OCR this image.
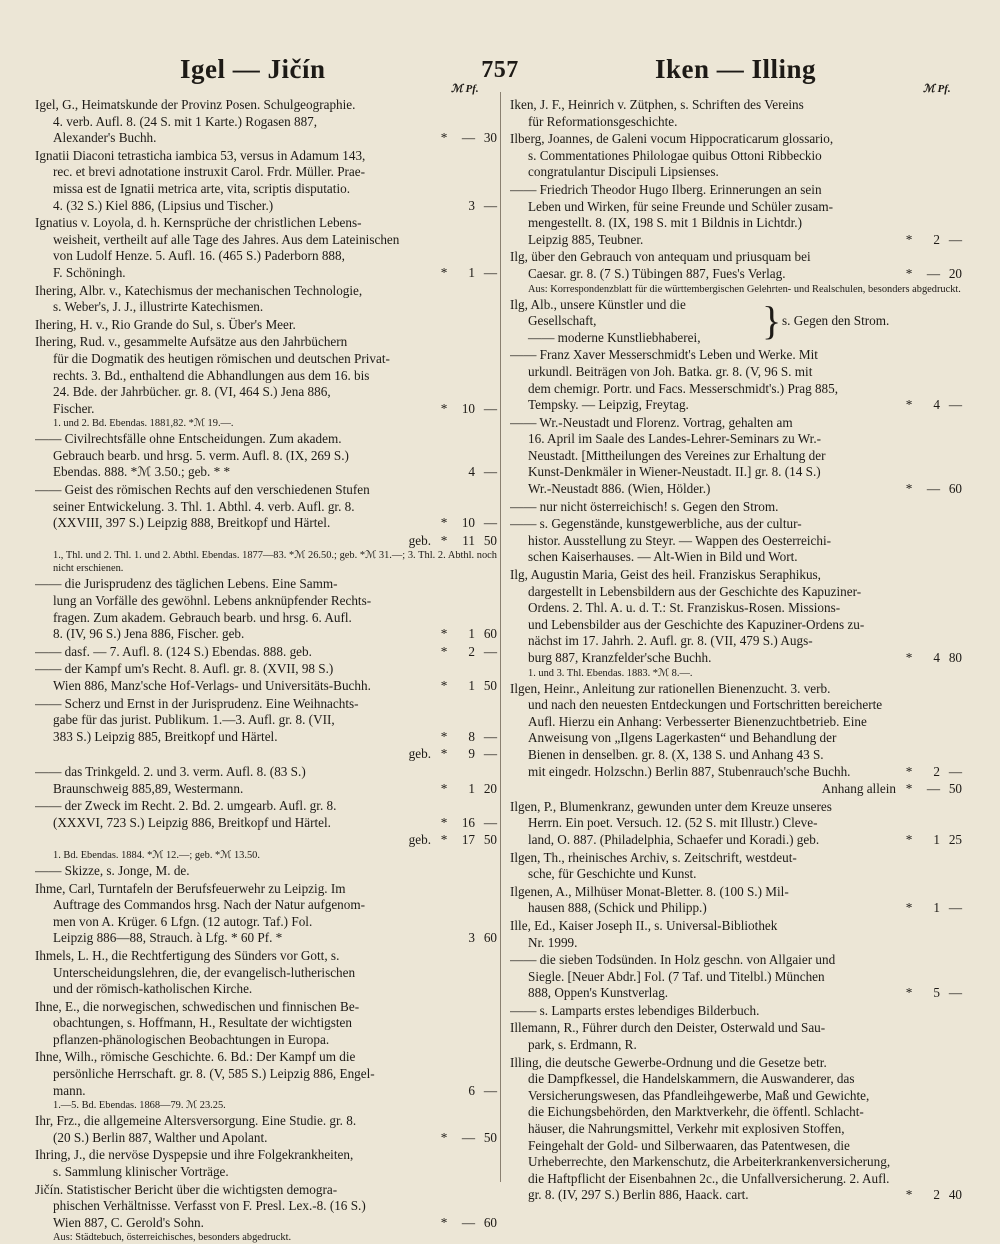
Igel — Jičín	757	Iken — Illing
ℳ Pf.	ℳ Pf.
Igel, G., Heimatskunde der Provinz Posen. Schulgeographie.
4. verb. Aufl. 8. (24 S. mit 1 Karte.) Rogasen 887,
Alexander's Buchh.	* — 30
Ignatii Diaconi tetrasticha iambica 53, versus in Adamum 143,
rec. et brevi adnotatione instruxit Carol. Frdr. Müller. Prae-
missa est de Ignatii metrica arte, vita, scriptis disputatio.
4. (32 S.) Kiel 886, (Lipsius und Tischer.)	3 —
Ignatius v. Loyola, d. h. Kernsprüche der christlichen Lebens-
weisheit, vertheilt auf alle Tage des Jahres. Aus dem Lateinischen
von Ludolf Henze. 5. Aufl. 16. (465 S.) Paderborn 888,
F. Schöningh.	* 1 —
Ihering, Albr. v., Katechismus der mechanischen Technologie,
s. Weber's, J. J., illustrirte Katechismen.
Ihering, H. v., Rio Grande do Sul, s. Über's Meer.
Ihering, Rud. v., gesammelte Aufsätze aus den Jahrbüchern
für die Dogmatik des heutigen römischen und deutschen Privat-
rechts. 3. Bd., enthaltend die Abhandlungen aus dem 16. bis
24. Bde. der Jahrbücher. gr. 8. (VI, 464 S.) Jena 886,
Fischer.	* 10 —
1. und 2. Bd. Ebendas. 1881,82. *ℳ 19.—.
—— Civilrechtsfälle ohne Entscheidungen. Zum akadem.
Gebrauch bearb. und hrsg. 5. verm. Aufl. 8. (IX, 269 S.)
Ebendas. 888. *ℳ 3.50.; geb. * *	4 —
—— Geist des römischen Rechts auf den verschiedenen Stufen
seiner Entwickelung. 3. Thl. 1. Abthl. 4. verb. Aufl. gr. 8.
(XXVIII, 397 S.) Leipzig 888, Breitkopf und Härtel.	* 10 —
geb. * 11 50
1., Thl. und 2. Thl. 1. und 2. Abthl. Ebendas. 1877—83. *ℳ 26.50.; geb. *ℳ 31.—; 3. Thl. 2. Abthl. noch nicht erschienen.
—— die Jurisprudenz des täglichen Lebens. Eine Samm-
lung an Vorfälle des gewöhnl. Lebens anknüpfender Rechts-
fragen. Zum akadem. Gebrauch bearb. und hrsg. 6. Aufl.
8. (IV, 96 S.) Jena 886, Fischer. geb.	* 1 60
—— dasf. — 7. Aufl. 8. (124 S.) Ebendas. 888. geb.	* 2 —
—— der Kampf um's Recht. 8. Aufl. gr. 8. (XVII, 98 S.)
Wien 886, Manz'sche Hof-Verlags- und Universitäts-Buchh.	* 1 50
—— Scherz und Ernst in der Jurisprudenz. Eine Weihnachts-
gabe für das jurist. Publikum. 1.—3. Aufl. gr. 8. (VII,
383 S.) Leipzig 885, Breitkopf und Härtel.	* 8 —
geb. * 9 —
—— das Trinkgeld. 2. und 3. verm. Aufl. 8. (83 S.)
Braunschweig 885,89, Westermann.	* 1 20
—— der Zweck im Recht. 2. Bd. 2. umgearb. Aufl. gr. 8.
(XXXVI, 723 S.) Leipzig 886, Breitkopf und Härtel.	* 16 —
geb. * 17 50
1. Bd. Ebendas. 1884. *ℳ 12.—; geb. *ℳ 13.50.
—— Skizze, s. Jonge, M. de.
Ihme, Carl, Turntafeln der Berufsfeuerwehr zu Leipzig. Im
Auftrage des Commandos hrsg. Nach der Natur aufgenom-
men von A. Krüger. 6 Lfgn. (12 autogr. Taf.) Fol.
Leipzig 886—88, Strauch. à Lfg. * 60 Pf. *	3 60
Ihmels, L. H., die Rechtfertigung des Sünders vor Gott, s.
Unterscheidungslehren, die, der evangelisch-lutherischen
und der römisch-katholischen Kirche.
Ihne, E., die norwegischen, schwedischen und finnischen Be-
obachtungen, s. Hoffmann, H., Resultate der wichtigsten
pflanzen-phänologischen Beobachtungen in Europa.
Ihne, Wilh., römische Geschichte. 6. Bd.: Der Kampf um die
persönliche Herrschaft. gr. 8. (V, 585 S.) Leipzig 886, Engel-
mann.	6 —
1.—5. Bd. Ebendas. 1868—79. ℳ 23.25.
Ihr, Frz., die allgemeine Altersversorgung. Eine Studie. gr. 8.
(20 S.) Berlin 887, Walther und Apolant.	* — 50
Ihring, J., die nervöse Dyspepsie und ihre Folgekrankheiten,
s. Sammlung klinischer Vorträge.
Jičín. Statistischer Bericht über die wichtigsten demogra-
phischen Verhältnisse. Verfasst von F. Presl. Lex.-8. (16 S.)
Wien 887, C. Gerold's Sohn.	* — 60
Aus: Städtebuch, österreichisches, besonders abgedruckt.
Iken, J. F., Heinrich v. Zütphen, s. Schriften des Vereins
für Reformationsgeschichte.
Ilberg, Joannes, de Galeni vocum Hippocraticarum glossario,
s. Commentationes Philologae quibus Ottoni Ribbeckio
congratulantur Discipuli Lipsienses.
—— Friedrich Theodor Hugo Ilberg. Erinnerungen an sein
Leben und Wirken, für seine Freunde und Schüler zusam-
mengestellt. 8. (IX, 198 S. mit 1 Bildnis in Lichtdr.)
Leipzig 885, Teubner.	* 2 —
Ilg, über den Gebrauch von antequam und priusquam bei
Caesar. gr. 8. (7 S.) Tübingen 887, Fues's Verlag.	* — 20
Aus: Korrespondenzblatt für die württembergischen Gelehrten- und Realschulen, besonders abgedruckt.
Ilg, Alb., unsere Künstler und die
Gesellschaft,
—— moderne Kunstliebhaberei,	} s. Gegen den Strom.
—— Franz Xaver Messerschmidt's Leben und Werke. Mit
urkundl. Beiträgen von Joh. Batka. gr. 8. (V, 96 S. mit
dem chemigr. Portr. und Facs. Messerschmidt's.) Prag 885,
Tempsky. — Leipzig, Freytag.	* 4 —
—— Wr.-Neustadt und Florenz. Vortrag, gehalten am
16. April im Saale des Landes-Lehrer-Seminars zu Wr.-
Neustadt. [Mittheilungen des Vereines zur Erhaltung der
Kunst-Denkmäler in Wiener-Neustadt. II.] gr. 8. (14 S.)
Wr.-Neustadt 886. (Wien, Hölder.)	* — 60
—— nur nicht österreichisch! s. Gegen den Strom.
—— s. Gegenstände, kunstgewerbliche, aus der cultur-
histor. Ausstellung zu Steyr. — Wappen des Oesterreichi-
schen Kaiserhauses. — Alt-Wien in Bild und Wort.
Ilg, Augustin Maria, Geist des heil. Franziskus Seraphikus,
dargestellt in Lebensbildern aus der Geschichte des Kapuziner-
Ordens. 2. Thl. A. u. d. T.: St. Franziskus-Rosen. Missions-
und Lebensbilder aus der Geschichte des Kapuziner-Ordens zu-
nächst im 17. Jahrh. 2. Aufl. gr. 8. (VII, 479 S.) Augs-
burg 887, Kranzfelder'sche Buchh.	* 4 80
1. und 3. Thl. Ebendas. 1883. *ℳ 8.—.
Ilgen, Heinr., Anleitung zur rationellen Bienenzucht. 3. verb.
und nach den neuesten Entdeckungen und Fortschritten bereicherte
Aufl. Hierzu ein Anhang: Verbesserter Bienenzuchtbetrieb. Eine
Anweisung von „Ilgens Lagerkasten“ und Behandlung der
Bienen in denselben. gr. 8. (X, 138 S. und Anhang 43 S.
mit eingedr. Holzschn.) Berlin 887, Stubenrauch'sche Buchh.	* 2 —
Anhang allein * — 50
Ilgen, P., Blumenkranz, gewunden unter dem Kreuze unseres
Herrn. Ein poet. Versuch. 12. (52 S. mit Illustr.) Cleve-
land, O. 887. (Philadelphia, Schaefer und Koradi.) geb.	* 1 25
Ilgen, Th., rheinisches Archiv, s. Zeitschrift, westdeut-
sche, für Geschichte und Kunst.
Ilgenen, A., Milhüser Monat-Bletter. 8. (100 S.) Mil-
hausen 888, (Schick und Philipp.)	* 1 —
Ille, Ed., Kaiser Joseph II., s. Universal-Bibliothek
Nr. 1999.
—— die sieben Todsünden. In Holz geschn. von Allgaier und
Siegle. [Neuer Abdr.] Fol. (7 Taf. und Titelbl.) München
888, Oppen's Kunstverlag.	* 5 —
—— s. Lamparts erstes lebendiges Bilderbuch.
Illemann, R., Führer durch den Deister, Osterwald und Sau-
park, s. Erdmann, R.
Illing, die deutsche Gewerbe-Ordnung und die Gesetze betr.
die Dampfkessel, die Handelskammern, die Auswanderer, das
Versicherungswesen, das Pfandleihgewerbe, Maß und Gewichte,
die Eichungsbehörden, den Marktverkehr, die öffentl. Schlacht-
häuser, die Nahrungsmittel, Verkehr mit explosiven Stoffen,
Feingehalt der Gold- und Silberwaaren, das Patentwesen, die
Urheberrechte, den Markenschutz, die Arbeiterkrankenversicherung,
die Haftpflicht der Eisenbahnen 2c., die Unfallversicherung. 2. Aufl.
gr. 8. (IV, 297 S.) Berlin 886, Haack. cart.	* 2 40
